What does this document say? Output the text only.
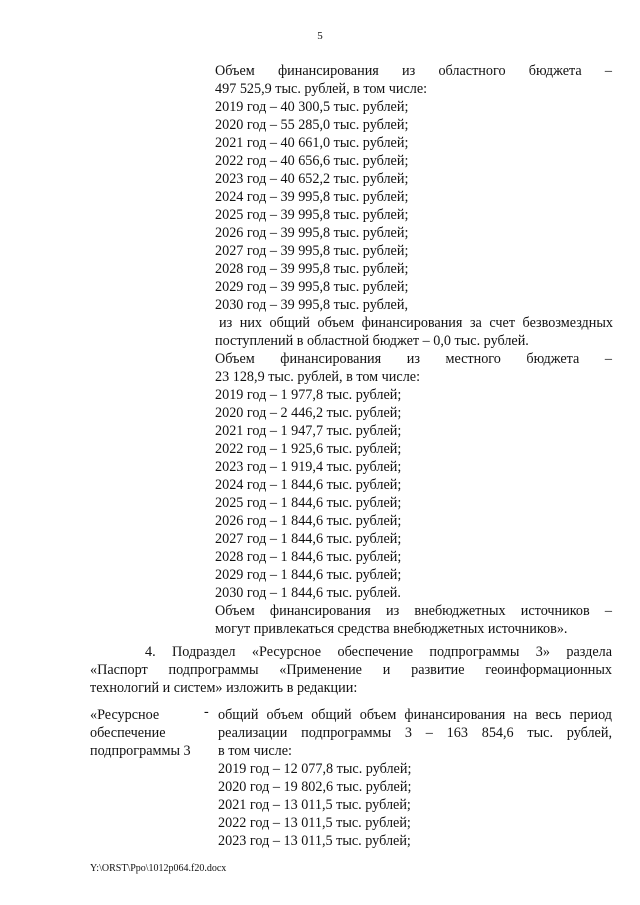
5
Объем финансирования из областного бюджета –
497 525,9 тыс. рублей, в том числе:
2019 год – 40 300,5 тыс. рублей;
2020 год – 55 285,0 тыс. рублей;
2021 год – 40 661,0 тыс. рублей;
2022 год – 40 656,6 тыс. рублей;
2023 год – 40 652,2 тыс. рублей;
2024 год – 39 995,8 тыс. рублей;
2025 год – 39 995,8 тыс. рублей;
2026 год – 39 995,8 тыс. рублей;
2027 год – 39 995,8 тыс. рублей;
2028 год – 39 995,8 тыс. рублей;
2029 год – 39 995,8 тыс. рублей;
2030 год – 39 995,8 тыс. рублей,
из них общий объем финансирования за счет безвозмездных
поступлений в областной бюджет – 0,0 тыс. рублей.
Объем финансирования из местного бюджета –
23 128,9 тыс. рублей, в том числе:
2019 год – 1 977,8 тыс. рублей;
2020 год – 2 446,2 тыс. рублей;
2021 год – 1 947,7 тыс. рублей;
2022 год – 1 925,6 тыс. рублей;
2023 год – 1 919,4 тыс. рублей;
2024 год – 1 844,6 тыс. рублей;
2025 год – 1 844,6 тыс. рублей;
2026 год – 1 844,6 тыс. рублей;
2027 год – 1 844,6 тыс. рублей;
2028 год – 1 844,6 тыс. рублей;
2029 год – 1 844,6 тыс. рублей;
2030 год – 1 844,6 тыс. рублей.
Объем финансирования из внебюджетных источников –
могут привлекаться средства внебюджетных источников».
4. Подраздел «Ресурсное обеспечение подпрограммы 3» раздела
«Паспорт подпрограммы «Применение и развитие геоинформационных
технологий и систем» изложить в редакции:
«Ресурсное
обеспечение
подпрограммы 3
- общий объем общий объем финансирования на весь период
реализации подпрограммы 3 – 163 854,6 тыс. рублей,
в том числе:
2019 год – 12 077,8 тыс. рублей;
2020 год – 19 802,6 тыс. рублей;
2021 год – 13 011,5 тыс. рублей;
2022 год – 13 011,5 тыс. рублей;
2023 год – 13 011,5 тыс. рублей;
Y:\ORST\Ppo\1012p064.f20.docx
